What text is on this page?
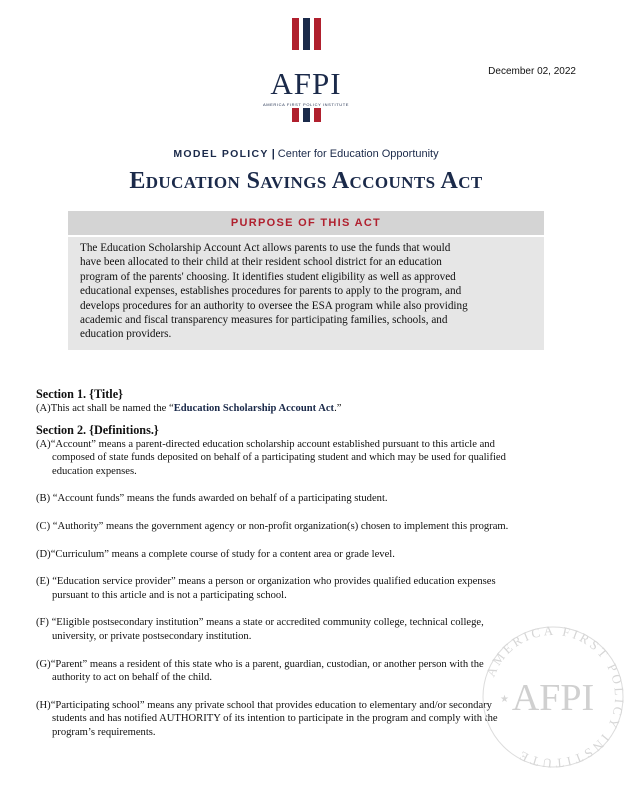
AFPI
AMERICA FIRST POLICY INSTITUTE
December 02, 2022
MODEL POLICY | Center for Education Opportunity
Education Savings Accounts Act
PURPOSE OF THIS ACT
The Education Scholarship Account Act allows parents to use the funds that would
have been allocated to their child at their resident school district for an education
program of the parents' choosing. It identifies student eligibility as well as approved
educational expenses, establishes procedures for parents to apply to the program, and
develops procedures for an authority to oversee the ESA program while also providing
academic and fiscal transparency measures for participating families, schools, and
education providers.
Section 1. {Title}
(A)This act shall be named the “Education Scholarship Account Act.”
Section 2. {Definitions.}
(A)“Account” means a parent-directed education scholarship account established pursuant to this article and
composed of state funds deposited on behalf of a participating student and which may be used for qualified
education expenses.
(B) “Account funds” means the funds awarded on behalf of a participating student.
(C) “Authority” means the government agency or non-profit organization(s) chosen to implement this program.
(D)“Curriculum” means a complete course of study for a content area or grade level.
(E) “Education service provider” means a person or organization who provides qualified education expenses
pursuant to this article and is not a participating school.
(F) “Eligible postsecondary institution” means a state or accredited community college, technical college,
university, or private postsecondary institution.
(G)“Parent” means a resident of this state who is a parent, guardian, custodian, or another person with the
authority to act on behalf of the child.
(H)“Participating school” means any private school that provides education to elementary and/or secondary
students and has notified AUTHORITY of its intention to participate in the program and comply with the
program’s requirements.
AMERICA FIRST POLICY INSTITUTE
AFPI
★
